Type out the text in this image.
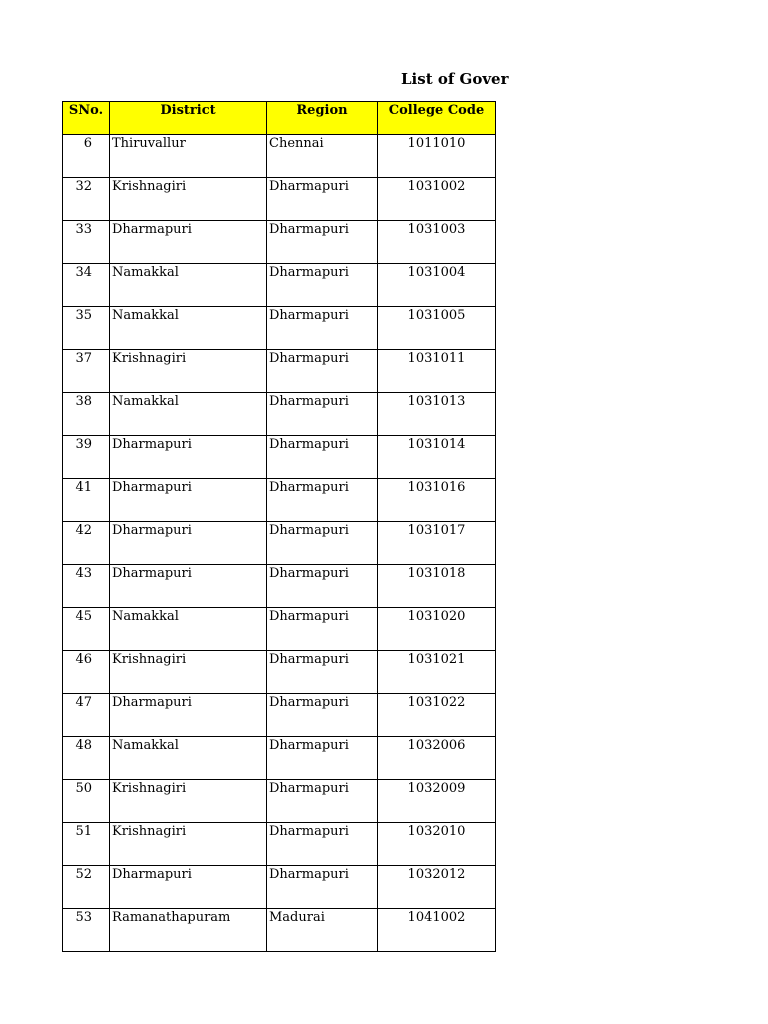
List of Gover
SNo.	District	Region	College Code
6	Thiruvallur	Chennai	1011010
32	Krishnagiri	Dharmapuri	1031002
33	Dharmapuri	Dharmapuri	1031003
34	Namakkal	Dharmapuri	1031004
35	Namakkal	Dharmapuri	1031005
37	Krishnagiri	Dharmapuri	1031011
38	Namakkal	Dharmapuri	1031013
39	Dharmapuri	Dharmapuri	1031014
41	Dharmapuri	Dharmapuri	1031016
42	Dharmapuri	Dharmapuri	1031017
43	Dharmapuri	Dharmapuri	1031018
45	Namakkal	Dharmapuri	1031020
46	Krishnagiri	Dharmapuri	1031021
47	Dharmapuri	Dharmapuri	1031022
48	Namakkal	Dharmapuri	1032006
50	Krishnagiri	Dharmapuri	1032009
51	Krishnagiri	Dharmapuri	1032010
52	Dharmapuri	Dharmapuri	1032012
53	Ramanathapuram	Madurai	1041002
